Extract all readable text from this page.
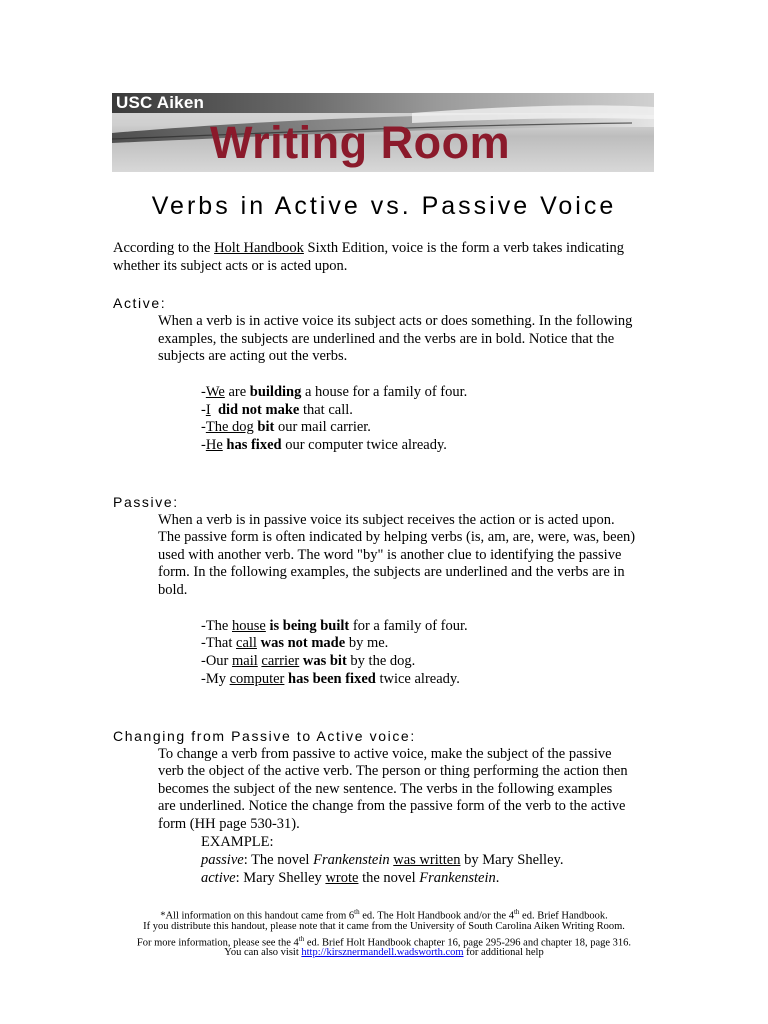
USC Aiken
Writing Room
Verbs in Active vs. Passive Voice
According to the Holt Handbook Sixth Edition, voice is the form a verb takes indicating
whether its subject acts or is acted upon.
Active:
When a verb is in active voice its subject acts or does something. In the following
examples, the subjects are underlined and the verbs are in bold. Notice that the
subjects are acting out the verbs.
-We are building a house for a family of four.
-I did not make that call.
-The dog bit our mail carrier.
-He has fixed our computer twice already.
Passive:
When a verb is in passive voice its subject receives the action or is acted upon.
The passive form is often indicated by helping verbs (is, am, are, were, was, been)
used with another verb. The word "by" is another clue to identifying the passive
form. In the following examples, the subjects are underlined and the verbs are in
bold.
-The house is being built for a family of four.
-That call was not made by me.
-Our mail carrier was bit by the dog.
-My computer has been fixed twice already.
Changing from Passive to Active voice:
To change a verb from passive to active voice, make the subject of the passive
verb the object of the active verb. The person or thing performing the action then
becomes the subject of the new sentence. The verbs in the following examples
are underlined. Notice the change from the passive form of the verb to the active
form (HH page 530-31).
EXAMPLE:
passive: The novel Frankenstein was written by Mary Shelley.
active: Mary Shelley wrote the novel Frankenstein.
*All information on this handout came from 6th ed. The Holt Handbook and/or the 4th ed. Brief Handbook.
If you distribute this handout, please note that it came from the University of South Carolina Aiken Writing Room.
For more information, please see the 4th ed. Brief Holt Handbook chapter 16, page 295-296 and chapter 18, page 316.
You can also visit http://kirsznermandell.wadsworth.com for additional help
